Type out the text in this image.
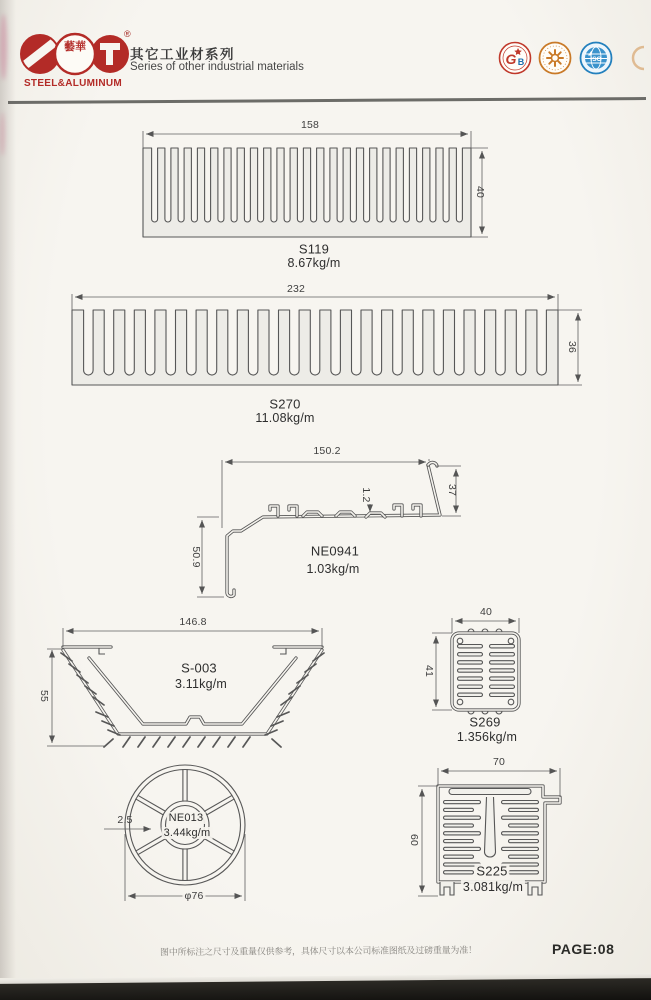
藝華
®
STEEL&ALUMINUM
其它工业材系列
Series of other industrial materials	G B	ISO
158
40
S119
8.67kg/m
232
36
S270
11.08kg/m
150.2
37
1.2
50.9	NE0941
1.03kg/m
146.8
55
S-003
3.11kg/m
40
41
S269
1.356kg/m
2.5	NE013
3.44kg/m
φ76
70
60
S225
3.081kg/m
图中所标注之尺寸及重量仅供参考，具体尺寸以本公司标准图纸及过磅重量为准！	PAGE:08
